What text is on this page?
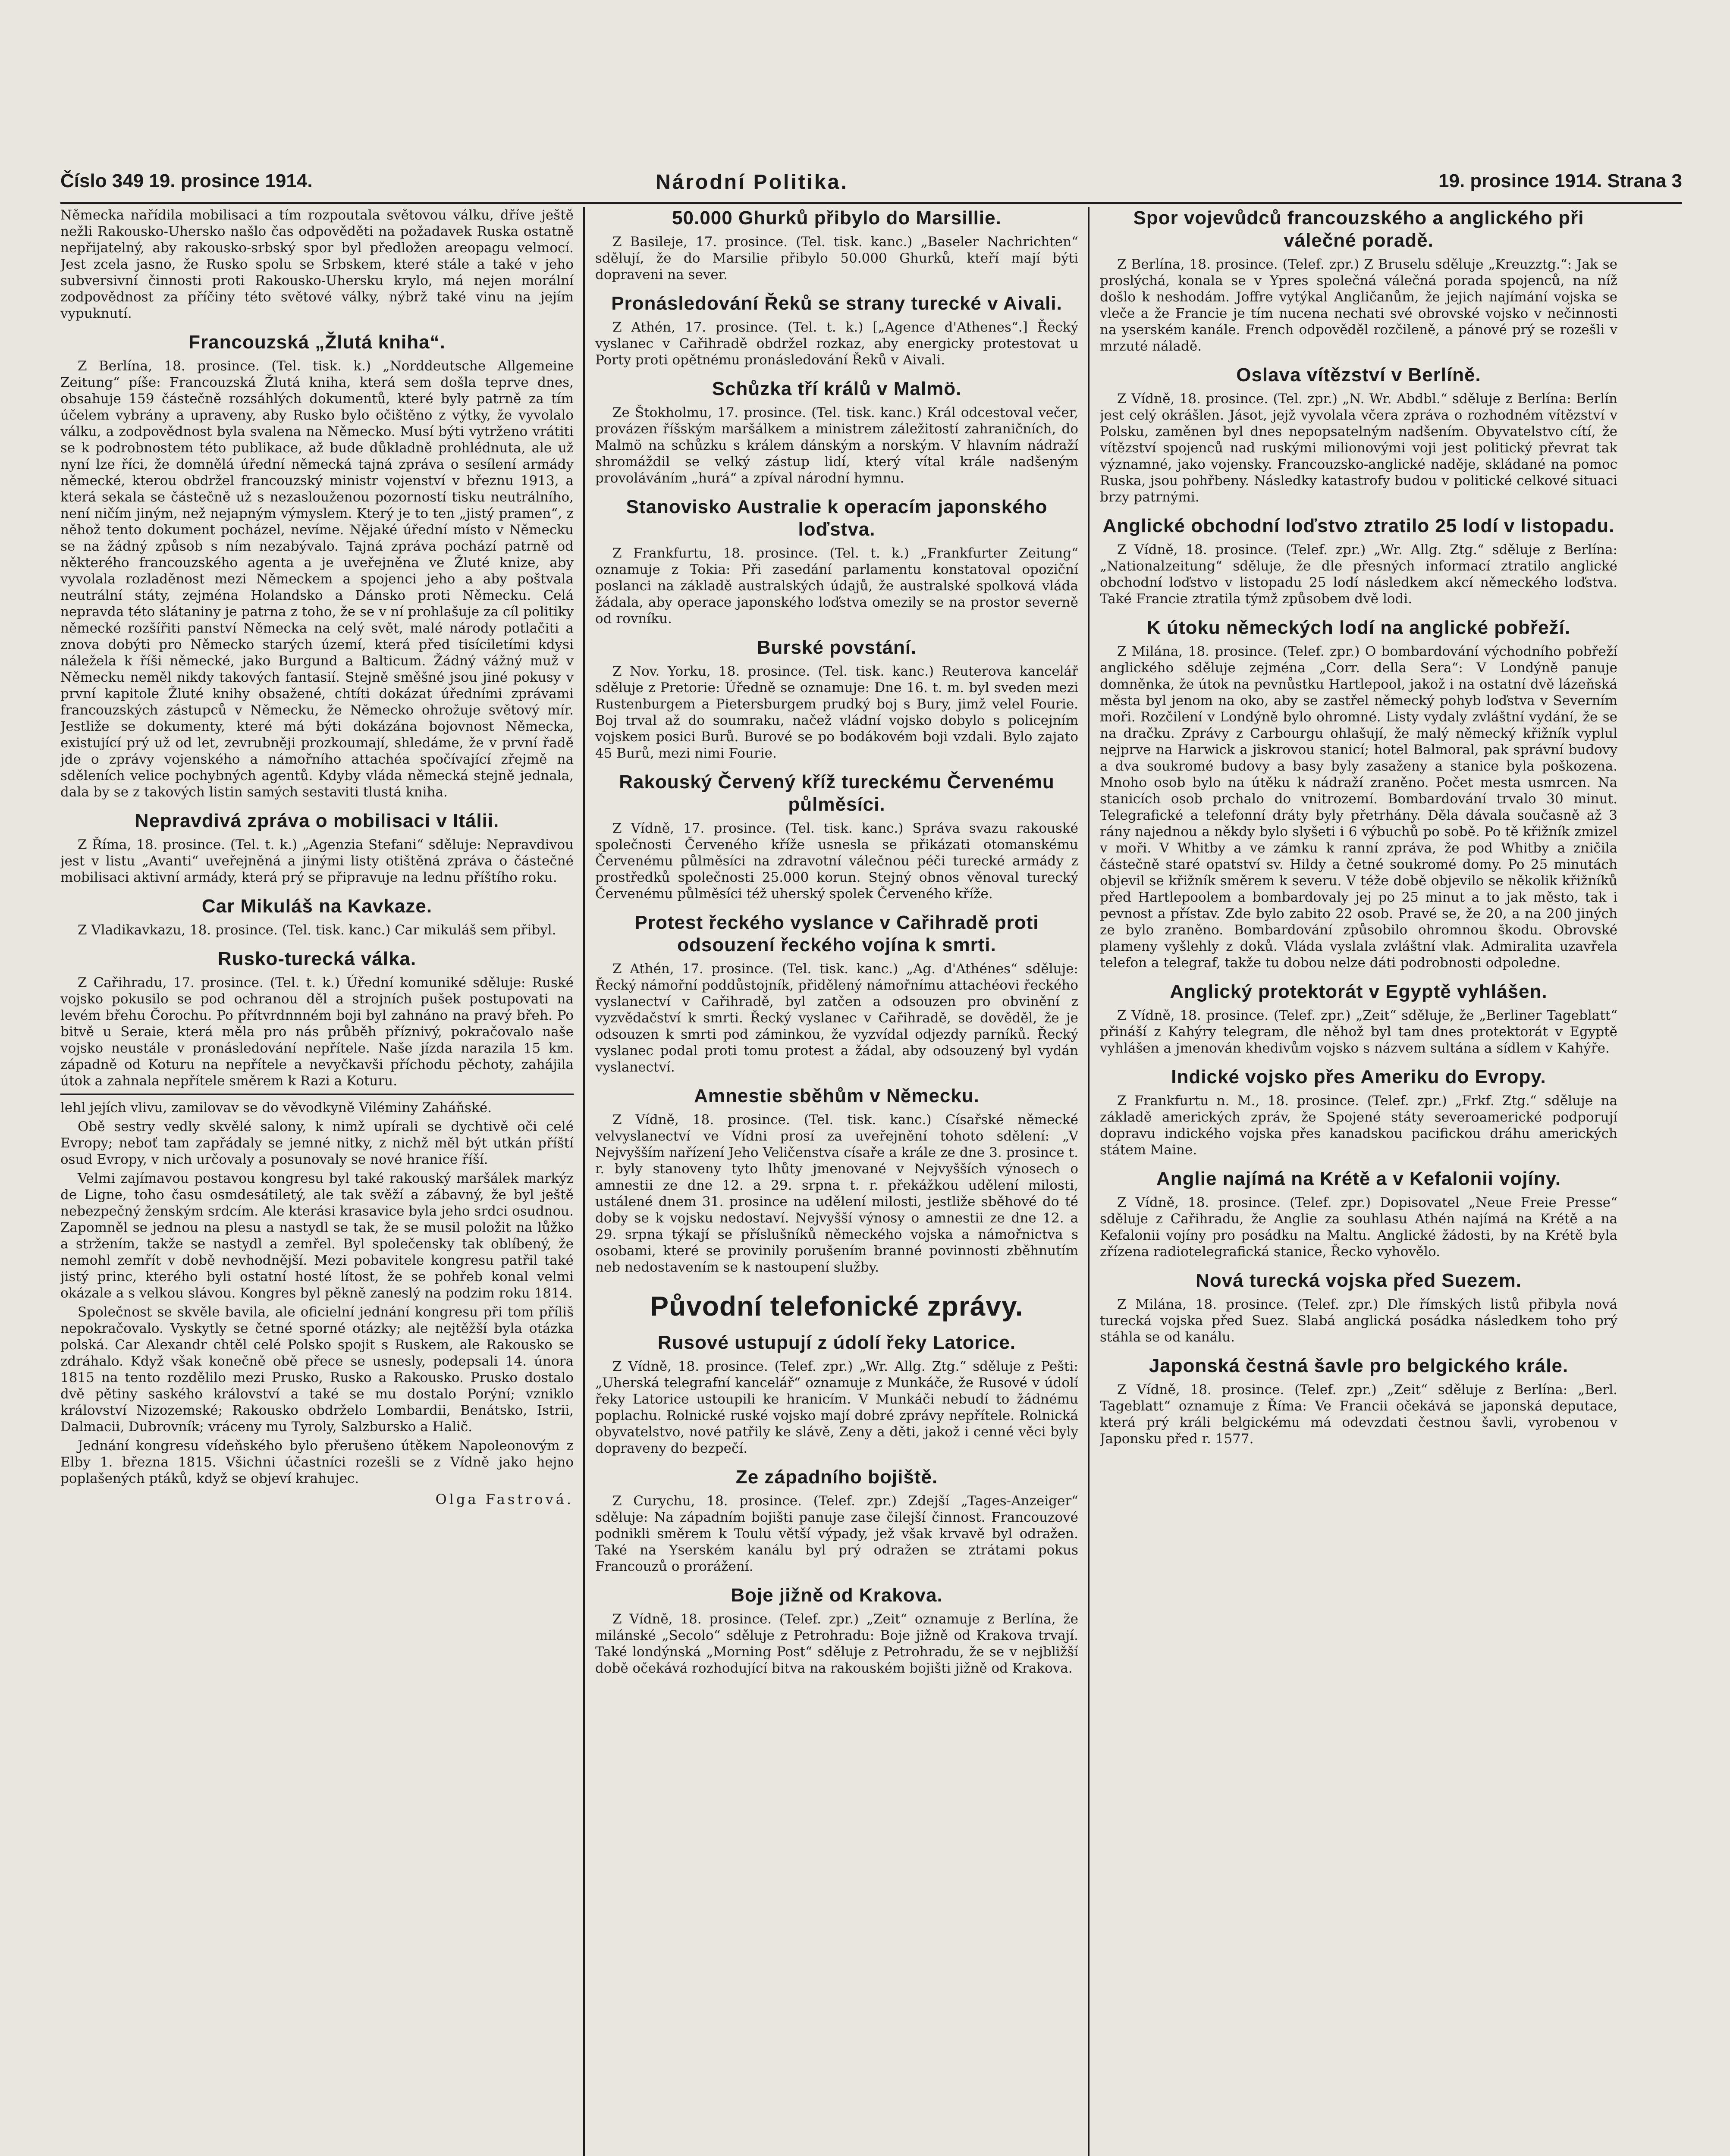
Číslo 349 19. prosince 1914.	Národní Politika.	19. prosince 1914. Strana 3

Německa nařídila mobilisaci a tím rozpoutala světovou válku, dříve ještě nežli Rakousko-Uhersko našlo čas odpověděti na požadavek Ruska ostatně nepřijatelný, aby rakousko-srbský spor byl předložen areopagu velmocí. Jest zcela jasno, že Rusko spolu se Srbskem, které stále a také v jeho subversivní činnosti proti Rakousko-Uhersku krylo, má nejen morální zodpovědnost za příčiny této světové války, nýbrž také vinu na jejím vypuknutí.

Francouzská „Žlutá kniha“.

Z Berlína, 18. prosince. (Tel. tisk. k.) „Norddeutsche Allgemeine Zeitung“ píše: Francouzská Žlutá kniha, která sem došla teprve dnes, obsahuje 159 částečně rozsáhlých dokumentů, které byly patrně za tím účelem vybrány a upraveny, aby Rusko bylo očištěno z výtky, že vyvolalo válku, a zodpovědnost byla svalena na Německo. Musí býti vytrženo vrátiti se k podrobnostem této publikace, až bude důkladně prohlédnuta, ale už nyní lze říci, že domnělá úřední německá tajná zpráva o sesílení armády německé, kterou obdržel francouzský ministr vojenství v březnu 1913, a která sekala se částečně už s nezaslouženou pozorností tisku neutrálního, není ničím jiným, než nejapným výmyslem. Který je to ten „jistý pramen“, z něhož tento dokument pocházel, nevíme. Nějaké úřední místo v Německu se na žádný způsob s ním nezabývalo. Tajná zpráva pochází patrně od některého francouzského agenta a je uveřejněna ve Žluté knize, aby vyvolala rozladěnost mezi Německem a spojenci jeho a aby poštvala neutrální státy, zejména Holandsko a Dánsko proti Německu. Celá nepravda této slátaniny je patrna z toho, že se v ní prohlašuje za cíl politiky německé rozšířiti panství Německa na celý svět, malé národy potlačiti a znova dobýti pro Německo starých území, která před tisíciletími kdysi náležela k říši německé, jako Burgund a Balticum. Žádný vážný muž v Německu neměl nikdy takových fantasií. Stejně směšné jsou jiné pokusy v první kapitole Žluté knihy obsažené, chtíti dokázat úředními zprávami francouzských zástupců v Německu, že Německo ohrožuje světový mír. Jestliže se dokumenty, které má býti dokázána bojovnost Německa, existující prý už od let, zevrubněji prozkoumají, shledáme, že v první řadě jde o zprávy vojenského a námořního attachéa spočívající zřejmě na sděleních velice pochybných agentů. Kdyby vláda německá stejně jednala, dala by se z takových listin samých sestaviti tlustá kniha.

Nepravdivá zpráva o mobilisaci v Itálii.

Z Říma, 18. prosince. (Tel. t. k.) „Agenzia Stefani“ sděluje: Nepravdivou jest v listu „Avanti“ uveřejněná a jinými listy otištěná zpráva o částečné mobilisaci aktivní armády, která prý se připravuje na lednu příštího roku.

Car Mikuláš na Kavkaze.

Z Vladikavkazu, 18. prosince. (Tel. tisk. kanc.) Car mikuláš sem přibyl.

Rusko-turecká válka.

Z Cařihradu, 17. prosince. (Tel. t. k.) Úřední komuniké sděluje: Ruské vojsko pokusilo se pod ochranou děl a strojních pušek postupovati na levém břehu Čorochu. Po přítvrdnnném boji byl zahnáno na pravý břeh. Po bitvě u Seraie, která měla pro nás průběh příznivý, pokračovalo naše vojsko neustále v pronásledování nepřítele. Naše jízda narazila 15 km. západně od Koturu na nepřítele a nevyčkavši příchodu pěchoty, zahájila útok a zahnala nepřítele směrem k Razi a Koturu.

lehl jejích vlivu, zamilovav se do věvodkyně Viléminy Zaháňské.

Obě sestry vedly skvělé salony, k nimž upírali se dychtivě oči celé Evropy; neboť tam zapřádaly se jemné nitky, z nichž měl být utkán příští osud Evropy, v nich určovaly a posunovaly se nové hranice říší.

Velmi zajímavou postavou kongresu byl také rakouský maršálek markýz de Ligne, toho času osmdesátiletý, ale tak svěží a zábavný, že byl ještě nebezpečný ženským srdcím. Ale kterási krasavice byla jeho srdci osudnou. Zapomněl se jednou na plesu a nastydl se tak, že se musil položit na lůžko a stržením, takže se nastydl a zemřel. Byl společensky tak oblíbený, že nemohl zemřít v době nevhodnější. Mezi pobavitele kongresu patřil také jistý princ, kterého byli ostatní hosté lítost, že se pohřeb konal velmi okázale a s velkou slávou. Kongres byl pěkně zaneslý na podzim roku 1814.

Společnost se skvěle bavila, ale oficielní jednání kongresu při tom příliš nepokračovalo. Vyskytly se četné sporné otázky; ale nejtěžší byla otázka polská. Car Alexandr chtěl celé Polsko spojit s Ruskem, ale Rakousko se zdráhalo. Když však konečně obě přece se usnesly, podepsali 14. února 1815 na tento rozdělilo mezi Prusko, Rusko a Rakousko. Prusko dostalo dvě pětiny saského království a také se mu dostalo Porýní; vzniklo království Nizozemské; Rakousko obdrželo Lombardii, Benátsko, Istrii, Dalmacii, Dubrovník; vráceny mu Tyroly, Salzbursko a Halič.

Jednání kongresu vídeňského bylo přerušeno útěkem Napoleonovým z Elby 1. března 1815. Všichni účastníci rozešli se z Vídně jako hejno poplašených ptáků, když se objeví krahujec.

Olga Fastrová.
50.000 Ghurků přibylo do Marsillie.

Z Basileje, 17. prosince. (Tel. tisk. kanc.) „Baseler Nachrichten“ sdělují, že do Marsilie přibylo 50.000 Ghurků, kteří mají býti dopraveni na sever.

Pronásledování Řeků se strany turecké v Aivali.

Z Athén, 17. prosince. (Tel. t. k.) [„Agence d'Athenes“.] Řecký vyslanec v Cařihradě obdržel rozkaz, aby energicky protestovat u Porty proti opětnému pronásledování Řeků v Aivali.

Schůzka tří králů v Malmö.

Ze Štokholmu, 17. prosince. (Tel. tisk. kanc.) Král odcestoval večer, provázen říšským maršálkem a ministrem záležitostí zahraničních, do Malmö na schůzku s králem dánským a norským. V hlavním nádraží shromáždil se velký zástup lidí, který vítal krále nadšeným provoláváním „hurá“ a zpíval národní hymnu.

Stanovisko Australie k operacím japonského loďstva.

Z Frankfurtu, 18. prosince. (Tel. t. k.) „Frankfurter Zeitung“ oznamuje z Tokia: Při zasedání parlamentu konstatoval opoziční poslanci na základě australských údajů, že australské spolková vláda žádala, aby operace japonského loďstva omezily se na prostor severně od rovníku.

Burské povstání.

Z Nov. Yorku, 18. prosince. (Tel. tisk. kanc.) Reuterova kancelář sděluje z Pretorie: Úředně se oznamuje: Dne 16. t. m. byl sveden mezi Rustenburgem a Pietersburgem prudký boj s Bury, jimž velel Fourie. Boj trval až do soumraku, načež vládní vojsko dobylo s policejním vojskem posici Burů. Burové se po bodákovém boji vzdali. Bylo zajato 45 Burů, mezi nimi Fourie.

Rakouský Červený kříž tureckému Červenému půlměsíci.

Z Vídně, 17. prosince. (Tel. tisk. kanc.) Správa svazu rakouské společnosti Červeného kříže usnesla se přikázati otomanskému Červenému půlměsíci na zdravotní válečnou péči turecké armády z prostředků společnosti 25.000 korun. Stejný obnos věnoval turecký Červenému půlměsíci též uherský spolek Červeného kříže.

Protest řeckého vyslance v Cařihradě proti odsouzení řeckého vojína k smrti.

Z Athén, 17. prosince. (Tel. tisk. kanc.) „Ag. d'Athénes“ sděluje: Řecký námořní poddůstojník, přidělený námořnímu attachéovi řeckého vyslanectví v Cařihradě, byl zatčen a odsouzen pro obvinění z vyzvědačství k smrti. Řecký vyslanec v Cařihradě, se dověděl, že je odsouzen k smrti pod záminkou, že vyzvídal odjezdy parníků. Řecký vyslanec podal proti tomu protest a žádal, aby odsouzený byl vydán vyslanectví.

Amnestie sběhům v Německu.

Z Vídně, 18. prosince. (Tel. tisk. kanc.) Císařské německé velvyslanectví ve Vídni prosí za uveřejnění tohoto sdělení: „V Nejvyšším nařízení Jeho Veličenstva císaře a krále ze dne 3. prosince t. r. byly stanoveny tyto lhůty jmenované v Nejvyšších výnosech o amnestii ze dne 12. a 29. srpna t. r. překážkou udělení milosti, ustálené dnem 31. prosince na udělení milosti, jestliže sběhové do té doby se k vojsku nedostaví. Nejvyšší výnosy o amnestii ze dne 12. a 29. srpna týkají se příslušníků německého vojska a námořnictva s osobami, které se provinily porušením branné povinnosti zběhnutím neb nedostavením se k nastoupení služby.

Původní telefonické zprávy.
Rusové ustupují z údolí řeky Latorice.

Z Vídně, 18. prosince. (Telef. zpr.) „Wr. Allg. Ztg.“ sděluje z Pešti: „Uherská telegrafní kancelář“ oznamuje z Munkáče, že Rusové v údolí řeky Latorice ustoupili ke hranicím. V Munkáči nebudí to žádnému poplachu. Rolnické ruské vojsko mají dobré zprávy nepřítele. Rolnická obyvatelstvo, nové patřily ke slávě, Zeny a děti, jakož i cenné věci byly dopraveny do bezpečí.

Ze západního bojiště.

Z Curychu, 18. prosince. (Telef. zpr.) Zdejší „Tages-Anzeiger“ sděluje: Na západním bojišti panuje zase čilejší činnost. Francouzové podnikli směrem k Toulu větší výpady, jež však krvavě byl odražen. Také na Yserském kanálu byl prý odražen se ztrátami pokus Francouzů o prorážení.

Boje jižně od Krakova.

Z Vídně, 18. prosince. (Telef. zpr.) „Zeit“ oznamuje z Berlína, že milánské „Secolo“ sděluje z Petrohradu: Boje jižně od Krakova trvají. Také londýnská „Morning Post“ sděluje z Petrohradu, že se v nejbližší době očekává rozhodující bitva na rakouském bojišti jižně od Krakova.

Spor vojevůdců francouzského a anglického při válečné poradě.

Z Berlína, 18. prosince. (Telef. zpr.) Z Bruselu sděluje „Kreuzztg.“: Jak se proslýchá, konala se v Ypres společná válečná porada spojenců, na níž došlo k neshodám. Joffre vytýkal Angličanům, že jejich najímání vojska se vleče a že Francie je tím nucena nechati své obrovské vojsko v nečinnosti na yserském kanále. French odpověděl rozčileně, a pánové prý se rozešli v mrzuté náladě.

Oslava vítězství v Berlíně.

Z Vídně, 18. prosince. (Tel. zpr.) „N. Wr. Abdbl.“ sděluje z Berlína: Berlín jest celý okrášlen. Jásot, jejž vyvolala včera zpráva o rozhodném vítězství v Polsku, zaměnen byl dnes nepopsatelným nadšením. Obyvatelstvo cítí, že vítězství spojenců nad ruskými milionovými voji jest politický převrat tak významné, jako vojensky. Francouzsko-anglické naděje, skládané na pomoc Ruska, jsou pohřbeny. Následky katastrofy budou v politické celkové situaci brzy patrnými.

Anglické obchodní loďstvo ztratilo 25 lodí v listopadu.

Z Vídně, 18. prosince. (Telef. zpr.) „Wr. Allg. Ztg.“ sděluje z Berlína: „Nationalzeitung“ sděluje, že dle přesných informací ztratilo anglické obchodní loďstvo v listopadu 25 lodí následkem akcí německého loďstva. Také Francie ztratila týmž způsobem dvě lodi.

K útoku německých lodí na anglické pobřeží.

Z Milána, 18. prosince. (Telef. zpr.) O bombardování východního pobřeží anglického sděluje zejména „Corr. della Sera“: V Londýně panuje domněnka, že útok na pevnůstku Hartlepool, jakož i na ostatní dvě lázeňská města byl jenom na oko, aby se zastřel německý pohyb loďstva v Severním moři. Rozčilení v Londýně bylo ohromné. Listy vydaly zvláštní vydání, že se na dračku. Zprávy z Carbourgu ohlašují, že malý německý křižník vyplul nejprve na Harwick a jiskrovou stanicí; hotel Balmoral, pak správní budovy a dva soukromé budovy a basy byly zasaženy a stanice byla poškozena. Mnoho osob bylo na útěku k nádraží zraněno. Počet mesta usmrcen. Na stanicích osob prchalo do vnitrozemí. Bombardování trvalo 30 minut. Telegrafické a telefonní dráty byly přetrhány. Děla dávala současně až 3 rány najednou a někdy bylo slyšeti i 6 výbuchů po sobě. Po tě křižník zmizel v moři. V Whitby a ve zámku k ranní zpráva, že pod Whitby a zničila částečně staré opatství sv. Hildy a četné soukromé domy. Po 25 minutách objevil se křižník směrem k severu. V téže době objevilo se několik křižníků před Hartlepoolem a bombardovaly jej po 25 minut a to jak město, tak i pevnost a přístav. Zde bylo zabito 22 osob. Pravé se, že 20, a na 200 jiných ze bylo zraněno. Bombardování způsobilo ohromnou škodu. Obrovské plameny vyšlehly z doků. Vláda vyslala zvláštní vlak. Admiralita uzavřela telefon a telegraf, takže tu dobou nelze dáti podrobnosti odpoledne.

Anglický protektorát v Egyptě vyhlášen.

Z Vídně, 18. prosince. (Telef. zpr.) „Zeit“ sděluje, že „Berliner Tageblatt“ přináší z Kahýry telegram, dle něhož byl tam dnes protektorát v Egyptě vyhlášen a jmenován khedivům vojsko s názvem sultána a sídlem v Kahýře.

Indické vojsko přes Ameriku do Evropy.

Z Frankfurtu n. M., 18. prosince. (Telef. zpr.) „Frkf. Ztg.“ sděluje na základě amerických zpráv, že Spojené státy severoamerické podporují dopravu indického vojska přes kanadskou pacifickou dráhu amerických státem Maine.

Anglie najímá na Krétě a v Kefalonii vojíny.

Z Vídně, 18. prosince. (Telef. zpr.) Dopisovatel „Neue Freie Presse“ sděluje z Cařihradu, že Anglie za souhlasu Athén najímá na Krétě a na Kefalonii vojíny pro posádku na Maltu. Anglické žádosti, by na Krétě byla zřízena radiotelegrafická stanice, Řecko vyhovělo.

Nová turecká vojska před Suezem.

Z Milána, 18. prosince. (Telef. zpr.) Dle římských listů přibyla nová turecká vojska před Suez. Slabá anglická posádka následkem toho prý stáhla se od kanálu.

Japonská čestná šavle pro belgického krále.

Z Vídně, 18. prosince. (Telef. zpr.) „Zeit“ sděluje z Berlína: „Berl. Tageblatt“ oznamuje z Říma: Ve Francii očekává se japonská deputace, která prý králi belgickému má odevzdati čestnou šavli, vyrobenou v Japonsku před r. 1577.
